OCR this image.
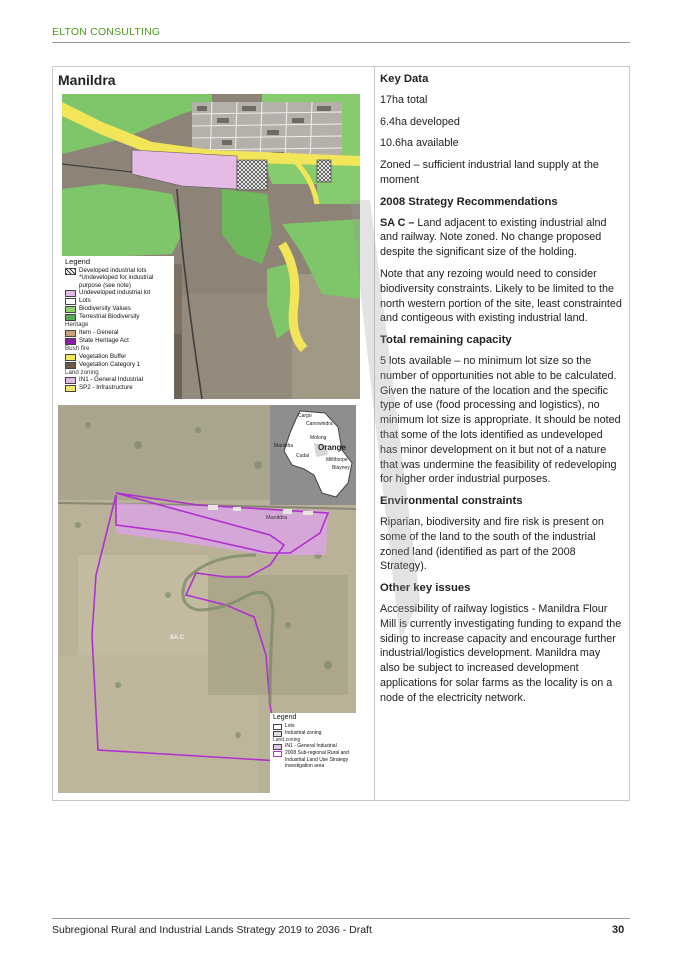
ELTON CONSULTING
Manildra
Legend
Developed industrial lots *Undeveloped for industrial purpose (see note)
Undeveloped industrial lot
Lots
Biodiversity Values
Terrestrial Biodiversity
Heritage
Item - General
State Heritage Act
Bush fire
Vegetation Buffer
Vegetation Category 1
Land zoning
IN1 - General Industrial
SP2 - Infrastructure
SA C
Manildra
Cargo
Canowindra
Molong
Manildra
Cudal
Orange
Millthorpe
Blayney
Legend
Lots
Industrial zoning
Land zoning
IN1 - General Industrial
2008 Sub-regional Rural and Industrial Land Use Strategy investigation area
Key Data

17ha total

6.4ha developed

10.6ha available

Zoned – sufficient industrial land supply at the moment

2008 Strategy Recommendations

SA C – Land adjacent to existing industrial alnd and railway. Note zoned. No change proposed despite the significant size of the holding.

Note that any rezoing would need to consider biodiversity constraints. Likely to be limited to the north western portion of the site, least constrainted and contigeous with existing industrial land.

Total remaining capacity

5 lots available – no minimum lot size so the number of opportunities not able to be calculated. Given the nature of the location and the specific type of use (food processing and logistics), no minimum lot size is appropriate. It should be noted that some of the lots identified as undeveloped has minor development on it but not of a nature that was undermine the feasibility of redeveloping for higher order industrial purposes.

Environmental constraints

Riparian, biodiversity and fire risk is present on some of the land to the south of the industrial zoned land (identified as part of the 2008 Strategy).

Other key issues

Accessibility of railway logistics - Manildra Flour Mill is currently investigating funding to expand the siding to increase capacity and encourage further industrial/logistics development. Manildra may also be subject to increased development applications for solar farms as the locality is on a node of the electricity network.

Subregional Rural and Industrial Lands Strategy 2019 to 2036 - Draft	30
